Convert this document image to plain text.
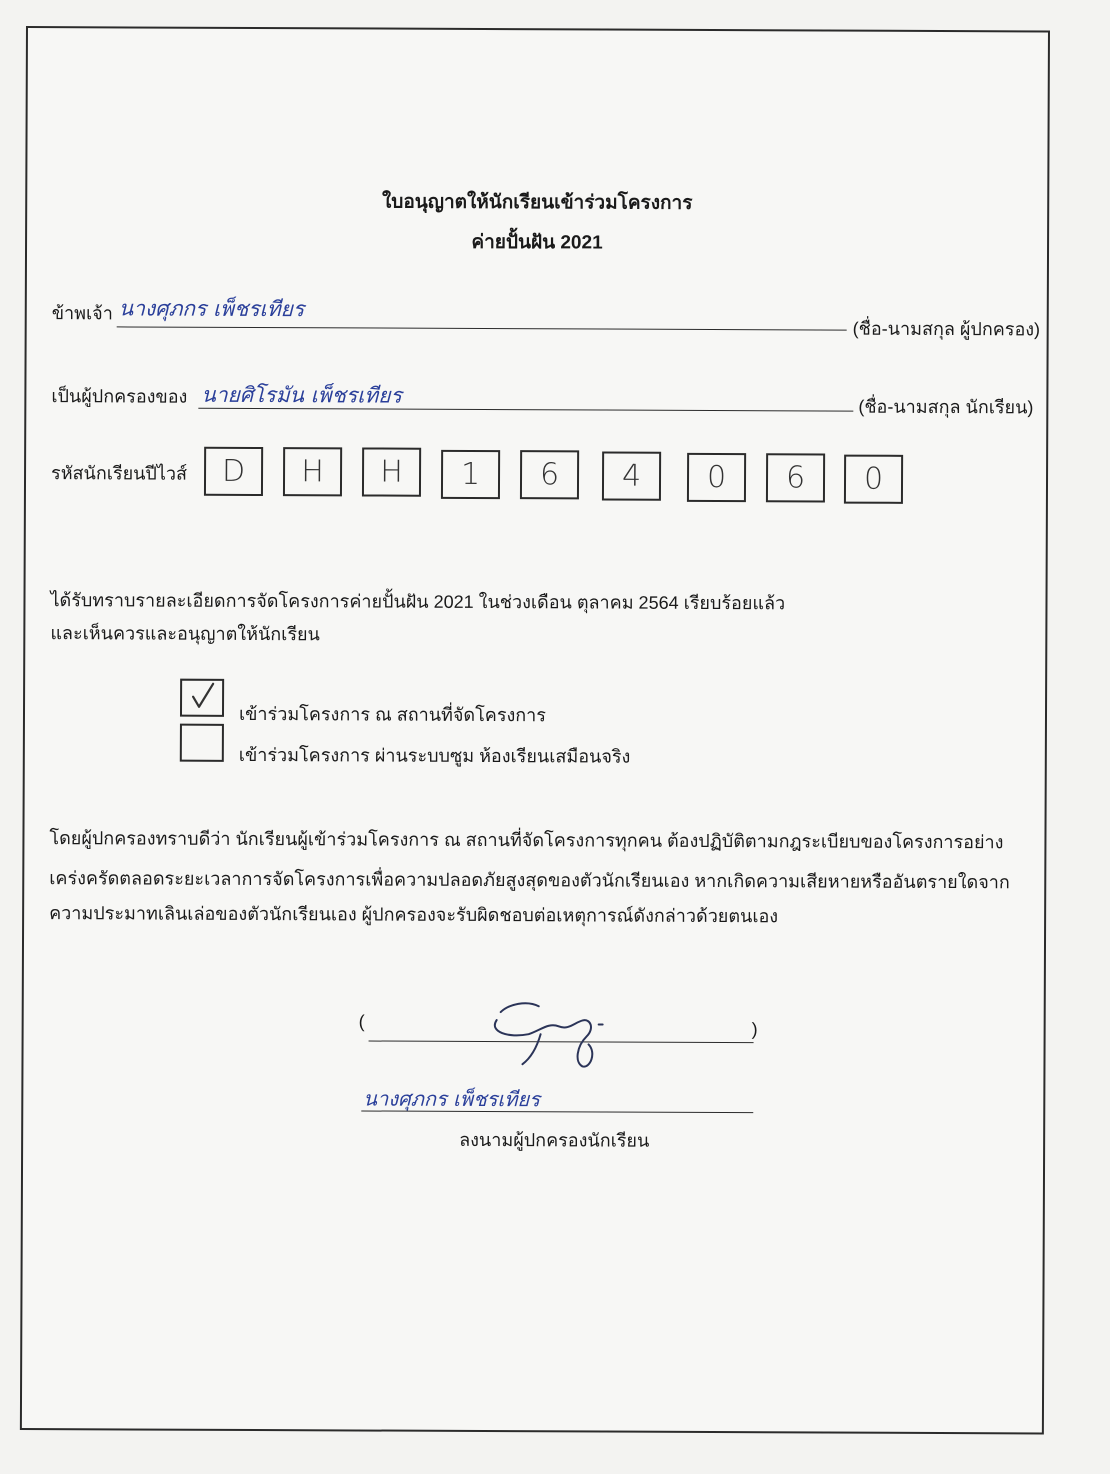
ใบอนุญาตให้นักเรียนเข้าร่วมโครงการ
ค่ายปั้นฝัน 2021
ข้าพเจ้า นางศุภกร เพ็ชรเทียร
(ชื่อ-นามสกุล ผู้ปกครอง)
เป็นผู้ปกครองของ นายศิโรมัน เพ็ชรเทียร	(ชื่อ-นามสกุล นักเรียน)
รหัสนักเรียนปีไวส์	D	H	H	1	6	4	0	6	0
ได้รับทราบรายละเอียดการจัดโครงการค่ายปั้นฝัน 2021 ในช่วงเดือน ตุลาคม 2564 เรียบร้อยแล้ว
และเห็นควรและอนุญาตให้นักเรียน
เข้าร่วมโครงการ ณ สถานที่จัดโครงการ
เข้าร่วมโครงการ ผ่านระบบซูม ห้องเรียนเสมือนจริง
โดยผู้ปกครองทราบดีว่า นักเรียนผู้เข้าร่วมโครงการ ณ สถานที่จัดโครงการทุกคน ต้องปฏิบัติตามกฎระเบียบของโครงการอย่าง
เคร่งครัดตลอดระยะเวลาการจัดโครงการเพื่อความปลอดภัยสูงสุดของตัวนักเรียนเอง หากเกิดความเสียหายหรืออันตรายใดจาก
ความประมาทเลินเล่อของตัวนักเรียนเอง ผู้ปกครองจะรับผิดชอบต่อเหตุการณ์ดังกล่าวด้วยตนเอง
(	)
นางศุภกร เพ็ชรเทียร
ลงนามผู้ปกครองนักเรียน
